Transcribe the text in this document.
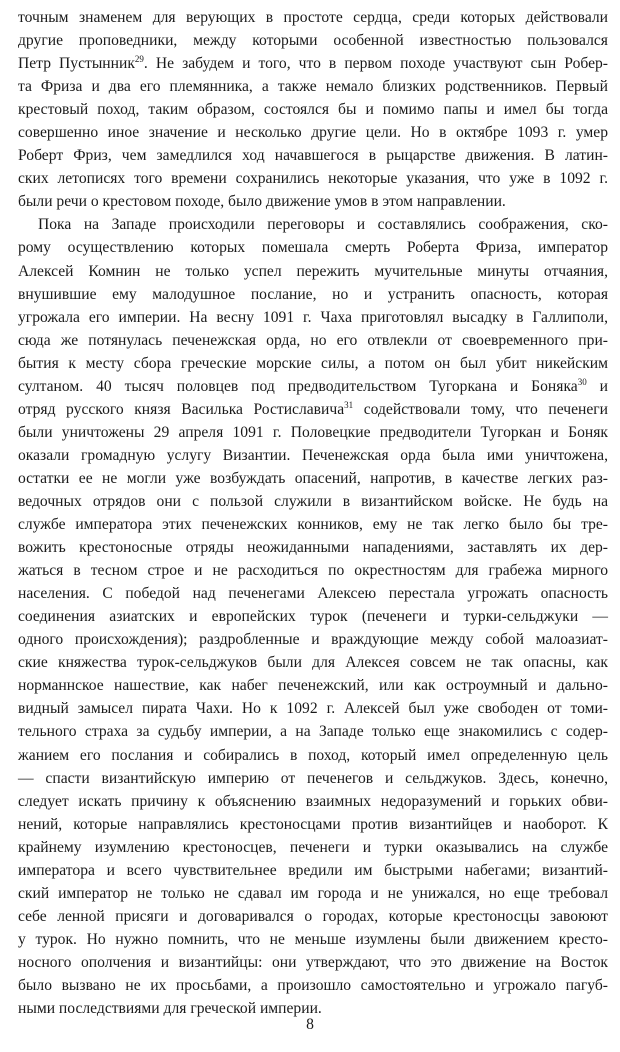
точным знаменем для верующих в простоте сердца, среди которых действовали
другие проповедники, между которыми особенной известностью пользовался
Петр Пустынник$^{29}$. Не забудем и того, что в первом походе участвуют сын Робер-
та Фриза и два его племянника, а также немало близких родственников. Первый
крестовый поход, таким образом, состоялся бы и помимо папы и имел бы тогда
совершенно иное значение и несколько другие цели. Но в октябре 1093 г. умер
Роберт Фриз, чем замедлился ход начавшегося в рыцарстве движения. В латин-
ских летописях того времени сохранились некоторые указания, что уже в 1092 г.
были речи о крестовом походе, было движение умов в этом направлении.
Пока на Западе происходили переговоры и составлялись соображения, ско-
рому осуществлению которых помешала смерть Роберта Фриза, император
Алексей Комнин не только успел пережить мучительные минуты отчаяния,
внушившие ему малодушное послание, но и устранить опасность, которая
угрожала его империи. На весну 1091 г. Чаха приготовлял высадку в Галлиполи,
сюда же потянулась печенежская орда, но его отвлекли от своевременного при-
бытия к месту сбора греческие морские силы, а потом он был убит никейским
султаном. 40 тысяч половцев под предводительством Тугоркана и Боняка$^{30}$ и
отряд русского князя Василька Ростиславича$^{31}$ содействовали тому, что печенеги
были уничтожены 29 апреля 1091 г. Половецкие предводители Тугоркан и Боняк
оказали громадную услугу Византии. Печенежская орда была ими уничтожена,
остатки ее не могли уже возбуждать опасений, напротив, в качестве легких раз-
ведочных отрядов они с пользой служили в византийском войске. Не будь на
службе императора этих печенежских конников, ему не так легко было бы тре-
вожить крестоносные отряды неожиданными нападениями, заставлять их дер-
жаться в тесном строе и не расходиться по окрестностям для грабежа мирного
населения. С победой над печенегами Алексею перестала угрожать опасность
соединения азиатских и европейских турок (печенеги и турки-сельджуки —
одного происхождения); раздробленные и враждующие между собой малоазиат-
ские княжества турок-сельджуков были для Алексея совсем не так опасны, как
норманнское нашествие, как набег печенежский, или как остроумный и дально-
видный замысел пирата Чахи. Но к 1092 г. Алексей был уже свободен от томи-
тельного страха за судьбу империи, а на Западе только еще знакомились с содер-
жанием его послания и собирались в поход, который имел определенную цель
— спасти византийскую империю от печенегов и сельджуков. Здесь, конечно,
следует искать причину к объяснению взаимных недоразумений и горьких обви-
нений, которые направлялись крестоносцами против византийцев и наоборот. К
крайнему изумлению крестоносцев, печенеги и турки оказывались на службе
императора и всего чувствительнее вредили им быстрыми набегами; византий-
ский император не только не сдавал им города и не унижался, но еще требовал
себе ленной присяги и договаривался о городах, которые крестоносцы завоюют
у турок. Но нужно помнить, что не меньше изумлены были движением кресто-
носного ополчения и византийцы: они утверждают, что это движение на Восток
было вызвано не их просьбами, а произошло самостоятельно и угрожало пагуб-
ными последствиями для греческой империи.
8
